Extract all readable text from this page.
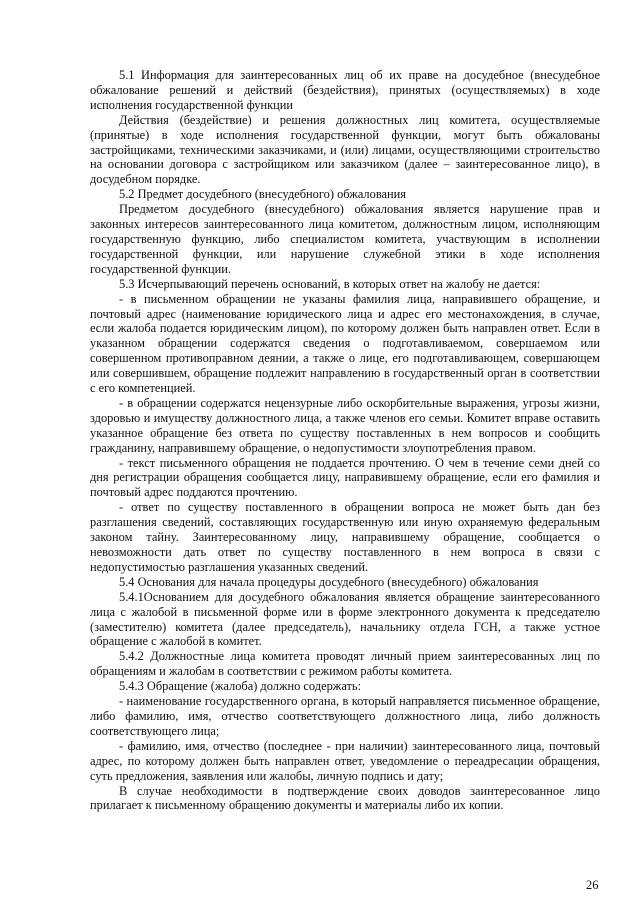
5.1 Информация для заинтересованных лиц об их праве на досудебное (внесудебное обжалование решений и действий (бездействия), принятых (осуществляемых) в ходе исполнения государственной функции

Действия (бездействие) и решения должностных лиц комитета, осуществляемые (принятые) в ходе исполнения государственной функции, могут быть обжалованы застройщиками, техническими заказчиками, и (или) лицами, осуществляющими строительство на основании договора с застройщиком или заказчиком (далее – заинтересованное лицо), в досудебном порядке.

5.2 Предмет досудебного (внесудебного) обжалования

Предметом досудебного (внесудебного) обжалования является нарушение прав и законных интересов заинтересованного лица комитетом, должностным лицом, исполняющим государственную функцию, либо специалистом комитета, участвующим в исполнении государственной функции, или нарушение служебной этики в ходе исполнения государственной функции.

5.3 Исчерпывающий перечень оснований, в которых ответ на жалобу не дается:

- в письменном обращении не указаны фамилия лица, направившего обращение, и почтовый адрес (наименование юридического лица и адрес его местонахождения, в случае, если жалоба подается юридическим лицом), по которому должен быть направлен ответ. Если в указанном обращении содержатся сведения о подготавливаемом, совершаемом или совершенном противоправном деянии, а также о лице, его подготавливающем, совершающем или совершившем, обращение подлежит направлению в государственный орган в соответствии с его компетенцией.

- в обращении содержатся нецензурные либо оскорбительные выражения, угрозы жизни, здоровью и имуществу должностного лица, а также членов его семьи. Комитет вправе оставить указанное обращение без ответа по существу поставленных в нем вопросов и сообщить гражданину, направившему обращение, о недопустимости злоупотребления правом.

- текст письменного обращения не поддается прочтению. О чем в течение семи дней со дня регистрации обращения сообщается лицу, направившему обращение, если его фамилия и почтовый адрес поддаются прочтению.

- ответ по существу поставленного в обращении вопроса не может быть дан без разглашения сведений, составляющих государственную или иную охраняемую федеральным законом тайну. Заинтересованному лицу, направившему обращение, сообщается о невозможности дать ответ по существу поставленного в нем вопроса в связи с недопустимостью разглашения указанных сведений.

5.4 Основания для начала процедуры досудебного (внесудебного) обжалования

5.4.1Основанием для досудебного обжалования является обращение заинтересованного лица с жалобой в письменной форме или в форме электронного документа к председателю (заместителю) комитета (далее председатель), начальнику отдела ГСН, а также устное обращение с жалобой в комитет.

5.4.2 Должностные лица комитета проводят личный прием заинтересованных лиц по обращениям и жалобам в соответствии с режимом работы комитета.

5.4.3 Обращение (жалоба) должно содержать:

- наименование государственного органа, в который направляется письменное обращение, либо фамилию, имя, отчество соответствующего должностного лица, либо должность соответствующего лица;

- фамилию, имя, отчество (последнее - при наличии) заинтересованного лица, почтовый адрес, по которому должен быть направлен ответ, уведомление о переадресации обращения, суть предложения, заявления или жалобы, личную подпись и дату;

В случае необходимости в подтверждение своих доводов заинтересованное лицо прилагает к письменному обращению документы и материалы либо их копии.

26
